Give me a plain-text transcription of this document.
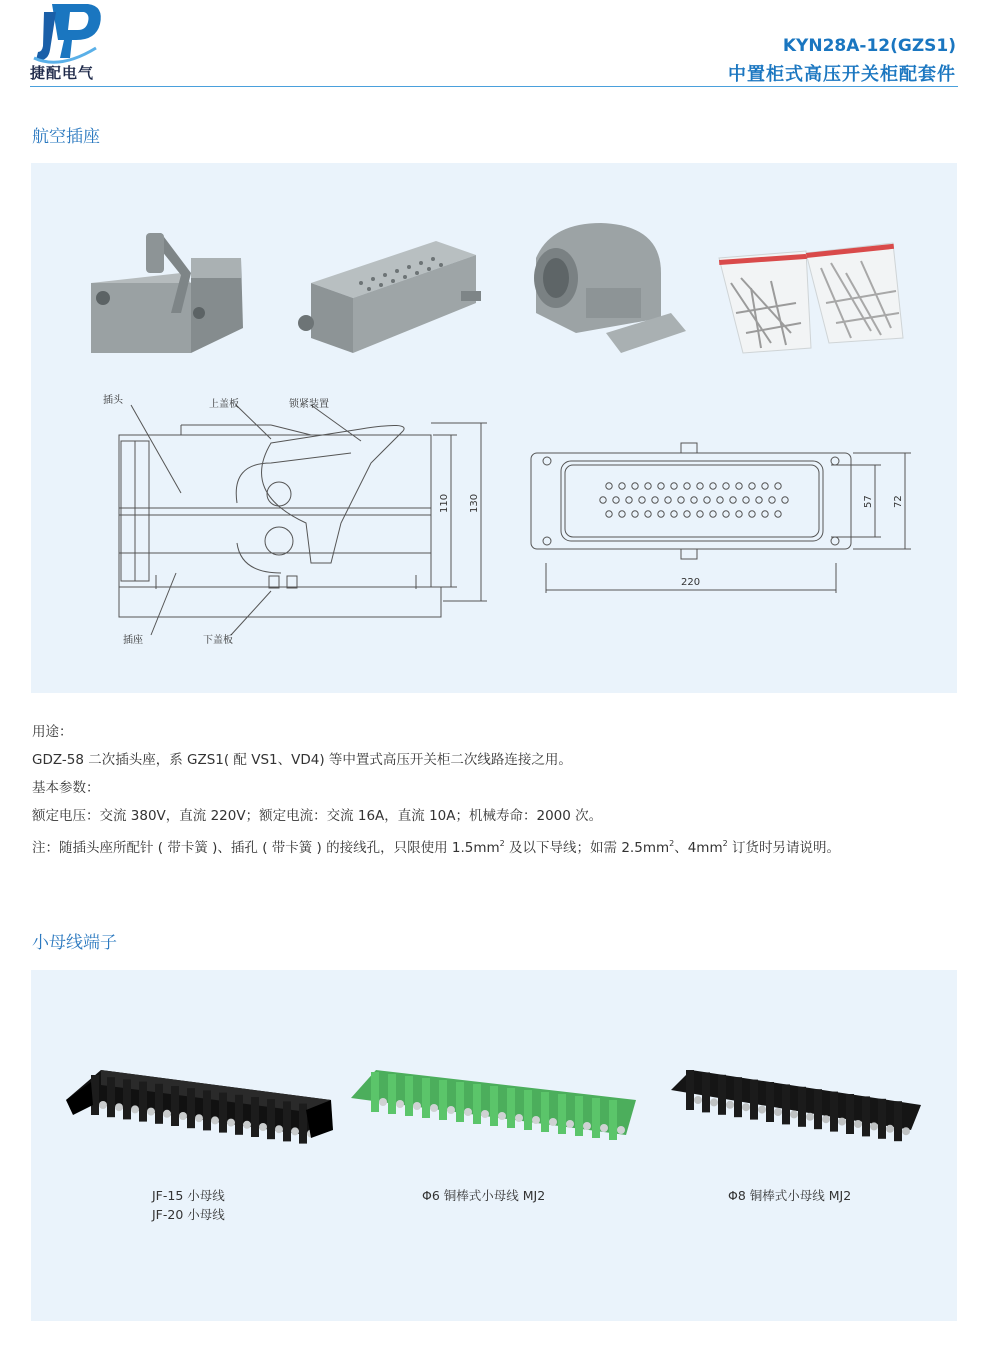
捷配电气
KYN28A-12(GZS1)
中置柜式高压开关柜配套件
航空插座
插头	上盖板	锁紧装置
插座	下盖板
110 130	57 72
220

用途：

GDZ-58 二次插头座，系 GZS1( 配 VS1、VD4) 等中置式高压开关柜二次线路连接之用。

基本参数：

额定电压：交流 380V，直流 220V；额定电流：交流 16A，直流 10A；机械寿命：2000 次。

注：随插头座所配针 ( 带卡簧 )、插孔 ( 带卡簧 ) 的接线孔，只限使用 $1.5mm^2$ 及以下导线；如需 $2.5mm^2$、$4mm^2$ 订货时另请说明。

小母线端子
JF-15 小母线
JF-20 小母线
Φ6 铜棒式小母线 MJ2	Φ8 铜棒式小母线 MJ2
